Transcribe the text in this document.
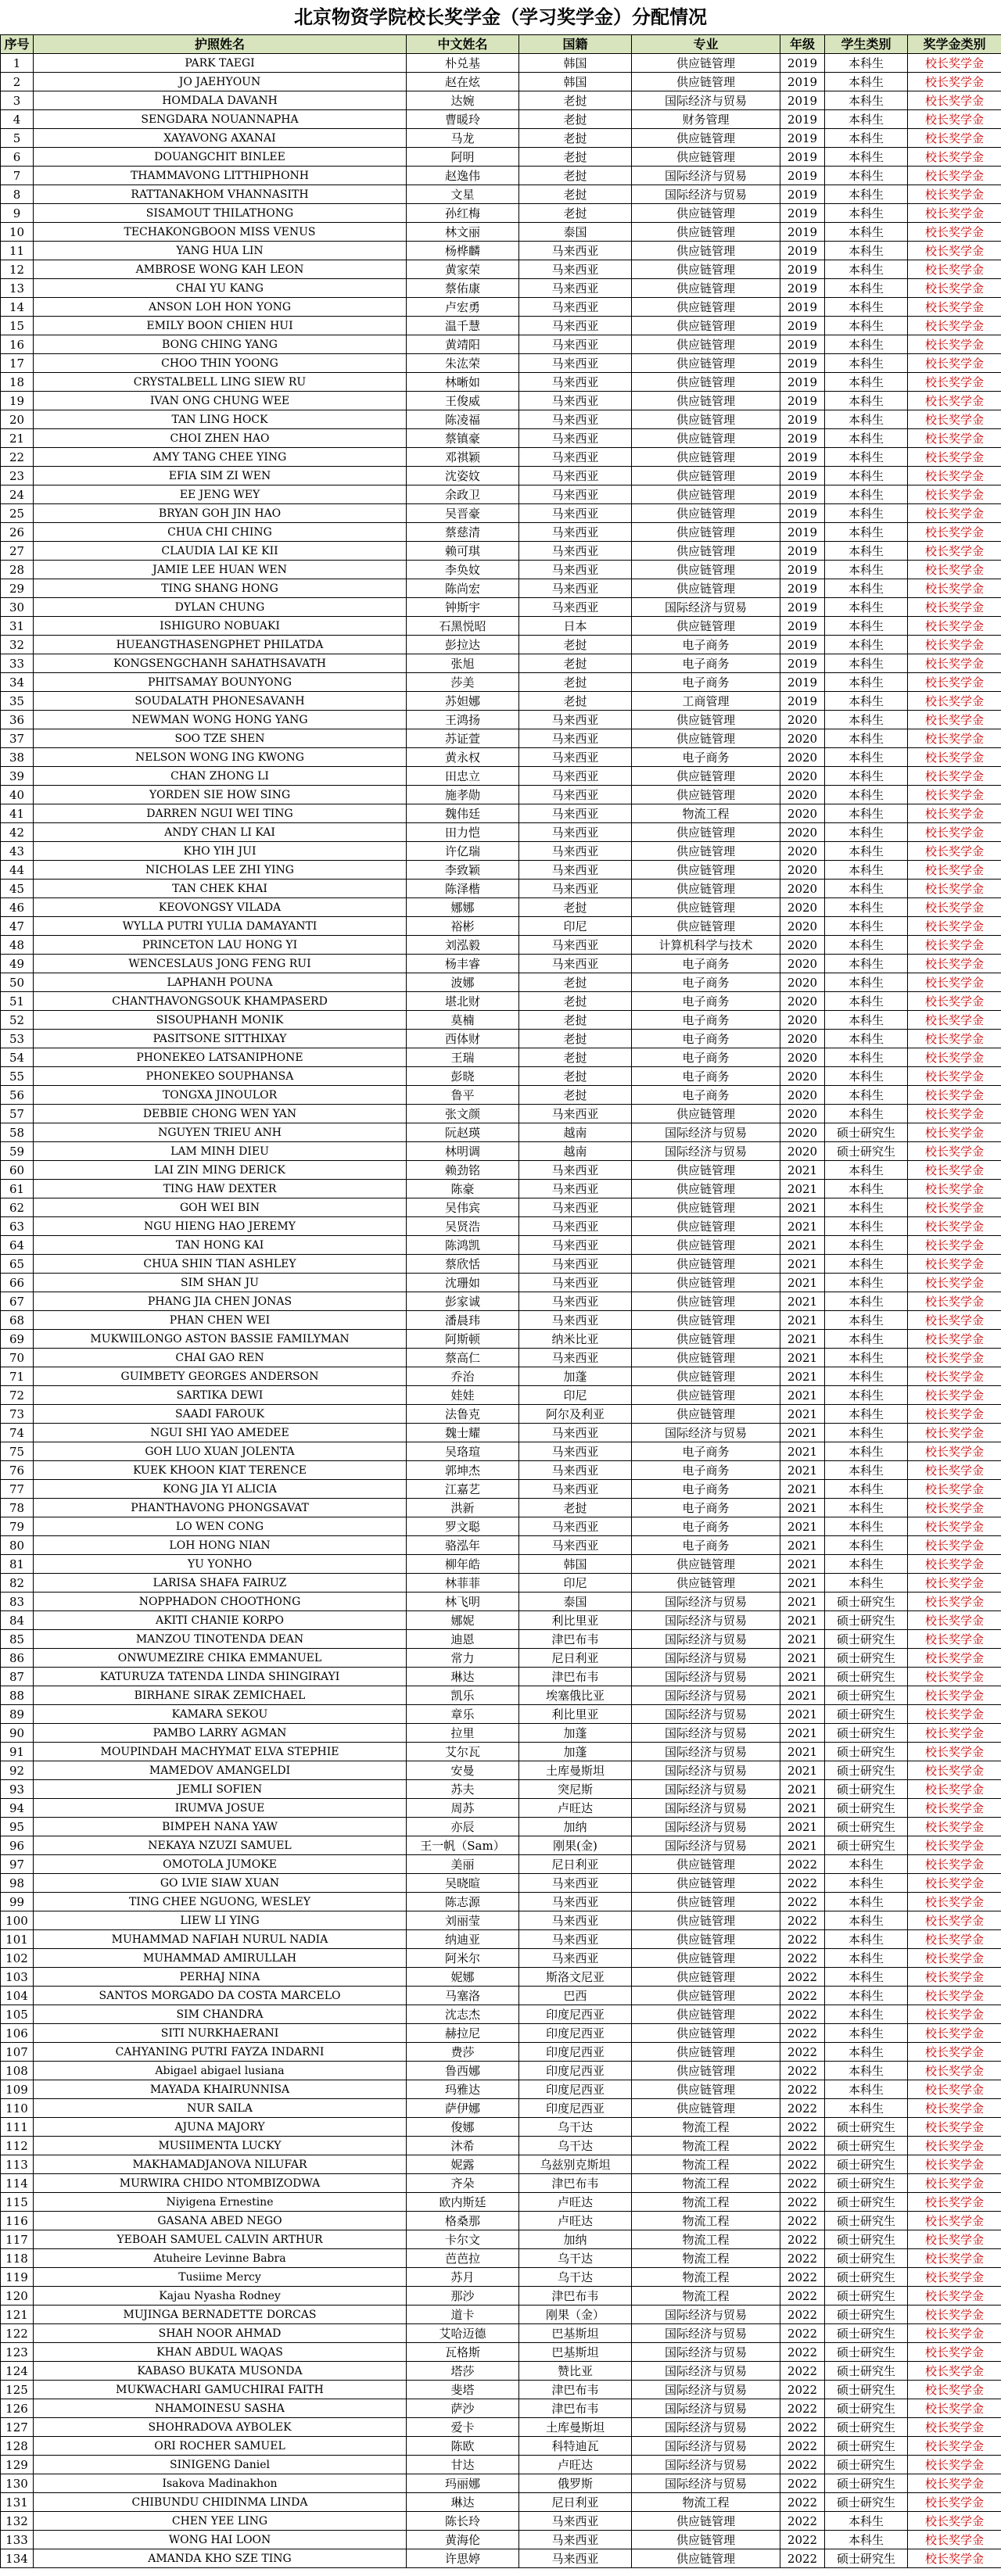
北京物资学院校长奖学金（学习奖学金）分配情况
序号	护照姓名	中文姓名	国籍	专业	年级	学生类别	奖学金类别
1	PARK TAEGI	朴兑基	韩国	供应链管理	2019	本科生	校长奖学金
2	JO JAEHYOUN	赵在炫	韩国	供应链管理	2019	本科生	校长奖学金
3	HOMDALA DAVANH	达婉	老挝	国际经济与贸易	2019	本科生	校长奖学金
4	SENGDARA NOUANNAPHA	曹暖玲	老挝	财务管理	2019	本科生	校长奖学金
5	XAYAVONG AXANAI	马龙	老挝	供应链管理	2019	本科生	校长奖学金
6	DOUANGCHIT BINLEE	阿明	老挝	供应链管理	2019	本科生	校长奖学金
7	THAMMAVONG LITTHIPHONH	赵逸伟	老挝	国际经济与贸易	2019	本科生	校长奖学金
8	RATTANAKHOM VHANNASITH	文星	老挝	国际经济与贸易	2019	本科生	校长奖学金
9	SISAMOUT THILATHONG	孙红梅	老挝	供应链管理	2019	本科生	校长奖学金
10	TECHAKONGBOON MISS VENUS	林文丽	泰国	供应链管理	2019	本科生	校长奖学金
11	YANG HUA LIN	杨桦麟	马来西亚	供应链管理	2019	本科生	校长奖学金
12	AMBROSE WONG KAH LEON	黄家荣	马来西亚	供应链管理	2019	本科生	校长奖学金
13	CHAI YU KANG	蔡佑康	马来西亚	供应链管理	2019	本科生	校长奖学金
14	ANSON LOH HON YONG	卢宏勇	马来西亚	供应链管理	2019	本科生	校长奖学金
15	EMILY BOON CHIEN HUI	温千慧	马来西亚	供应链管理	2019	本科生	校长奖学金
16	BONG CHING YANG	黄靖阳	马来西亚	供应链管理	2019	本科生	校长奖学金
17	CHOO THIN YOONG	朱汯荣	马来西亚	供应链管理	2019	本科生	校长奖学金
18	CRYSTALBELL LING SIEW RU	林晰如	马来西亚	供应链管理	2019	本科生	校长奖学金
19	IVAN ONG CHUNG WEE	王俊威	马来西亚	供应链管理	2019	本科生	校长奖学金
20	TAN LING HOCK	陈凌福	马来西亚	供应链管理	2019	本科生	校长奖学金
21	CHOI ZHEN HAO	蔡镇豪	马来西亚	供应链管理	2019	本科生	校长奖学金
22	AMY TANG CHEE YING	邓祺颖	马来西亚	供应链管理	2019	本科生	校长奖学金
23	EFIA SIM ZI WEN	沈姿妏	马来西亚	供应链管理	2019	本科生	校长奖学金
24	EE JENG WEY	余政卫	马来西亚	供应链管理	2019	本科生	校长奖学金
25	BRYAN GOH JIN HAO	吴晋豪	马来西亚	供应链管理	2019	本科生	校长奖学金
26	CHUA CHI CHING	蔡慈清	马来西亚	供应链管理	2019	本科生	校长奖学金
27	CLAUDIA LAI KE KII	赖可琪	马来西亚	供应链管理	2019	本科生	校长奖学金
28	JAMIE LEE HUAN WEN	李奂妏	马来西亚	供应链管理	2019	本科生	校长奖学金
29	TING SHANG HONG	陈尚宏	马来西亚	供应链管理	2019	本科生	校长奖学金
30	DYLAN CHUNG	钟斯宇	马来西亚	国际经济与贸易	2019	本科生	校长奖学金
31	ISHIGURO NOBUAKI	石黑悦昭	日本	供应链管理	2019	本科生	校长奖学金
32	HUEANGTHASENGPHET PHILATDA	彭拉达	老挝	电子商务	2019	本科生	校长奖学金
33	KONGSENGCHANH SAHATHSAVATH	张旭	老挝	电子商务	2019	本科生	校长奖学金
34	PHITSAMAY BOUNYONG	莎美	老挝	电子商务	2019	本科生	校长奖学金
35	SOUDALATH PHONESAVANH	苏妲娜	老挝	工商管理	2019	本科生	校长奖学金
36	NEWMAN WONG HONG YANG	王鸿扬	马来西亚	供应链管理	2020	本科生	校长奖学金
37	SOO TZE SHEN	苏证萱	马来西亚	供应链管理	2020	本科生	校长奖学金
38	NELSON WONG ING KWONG	黄永权	马来西亚	电子商务	2020	本科生	校长奖学金
39	CHAN ZHONG LI	田忠立	马来西亚	供应链管理	2020	本科生	校长奖学金
40	YORDEN SIE HOW SING	施孝勋	马来西亚	供应链管理	2020	本科生	校长奖学金
41	DARREN NGUI WEI TING	魏伟廷	马来西亚	物流工程	2020	本科生	校长奖学金
42	ANDY CHAN LI KAI	田力恺	马来西亚	供应链管理	2020	本科生	校长奖学金
43	KHO YIH JUI	许亿瑞	马来西亚	供应链管理	2020	本科生	校长奖学金
44	NICHOLAS LEE ZHI YING	李致颖	马来西亚	供应链管理	2020	本科生	校长奖学金
45	TAN CHEK KHAI	陈泽楷	马来西亚	供应链管理	2020	本科生	校长奖学金
46	KEOVONGSY VILADA	娜娜	老挝	供应链管理	2020	本科生	校长奖学金
47	WYLLA PUTRI YULIA DAMAYANTI	裕彬	印尼	供应链管理	2020	本科生	校长奖学金
48	PRINCETON LAU HONG YI	刘泓毅	马来西亚	计算机科学与技术	2020	本科生	校长奖学金
49	WENCESLAUS JONG FENG RUI	杨丰睿	马来西亚	电子商务	2020	本科生	校长奖学金
50	LAPHANH POUNA	波娜	老挝	电子商务	2020	本科生	校长奖学金
51	CHANTHAVONGSOUK KHAMPASERD	堪北财	老挝	电子商务	2020	本科生	校长奖学金
52	SISOUPHANH MONIK	莫楠	老挝	电子商务	2020	本科生	校长奖学金
53	PASITSONE SITTHIXAY	西体财	老挝	电子商务	2020	本科生	校长奖学金
54	PHONEKEO LATSANIPHONE	王瑞	老挝	电子商务	2020	本科生	校长奖学金
55	PHONEKEO SOUPHANSA	彭晓	老挝	电子商务	2020	本科生	校长奖学金
56	TONGXA JINOULOR	鲁平	老挝	电子商务	2020	本科生	校长奖学金
57	DEBBIE CHONG WEN YAN	张文颜	马来西亚	供应链管理	2020	本科生	校长奖学金
58	NGUYEN TRIEU ANH	阮赵瑛	越南	国际经济与贸易	2020	硕士研究生	校长奖学金
59	LAM MINH DIEU	林明调	越南	国际经济与贸易	2020	硕士研究生	校长奖学金
60	LAI ZIN MING DERICK	赖劲铭	马来西亚	供应链管理	2021	本科生	校长奖学金
61	TING HAW DEXTER	陈豪	马来西亚	供应链管理	2021	本科生	校长奖学金
62	GOH WEI BIN	吴伟宾	马来西亚	供应链管理	2021	本科生	校长奖学金
63	NGU HIENG HAO JEREMY	吴贤浩	马来西亚	供应链管理	2021	本科生	校长奖学金
64	TAN HONG KAI	陈鸿凯	马来西亚	供应链管理	2021	本科生	校长奖学金
65	CHUA SHIN TIAN ASHLEY	蔡欣恬	马来西亚	供应链管理	2021	本科生	校长奖学金
66	SIM SHAN JU	沈珊如	马来西亚	供应链管理	2021	本科生	校长奖学金
67	PHANG JIA CHEN JONAS	彭家诚	马来西亚	供应链管理	2021	本科生	校长奖学金
68	PHAN CHEN WEI	潘晨玮	马来西亚	供应链管理	2021	本科生	校长奖学金
69	MUKWIILONGO ASTON BASSIE FAMILYMAN	阿斯顿	纳米比亚	供应链管理	2021	本科生	校长奖学金
70	CHAI GAO REN	蔡高仁	马来西亚	供应链管理	2021	本科生	校长奖学金
71	GUIMBETY GEORGES ANDERSON	乔治	加蓬	供应链管理	2021	本科生	校长奖学金
72	SARTIKA DEWI	娃娃	印尼	供应链管理	2021	本科生	校长奖学金
73	SAADI FAROUK	法鲁克	阿尔及利亚	供应链管理	2021	本科生	校长奖学金
74	NGUI SHI YAO AMEDEE	魏士耀	马来西亚	国际经济与贸易	2021	本科生	校长奖学金
75	GOH LUO XUAN JOLENTA	吴珞瑄	马来西亚	电子商务	2021	本科生	校长奖学金
76	KUEK KHOON KIAT TERENCE	郭坤杰	马来西亚	电子商务	2021	本科生	校长奖学金
77	KONG JIA YI ALICIA	江嘉艺	马来西亚	电子商务	2021	本科生	校长奖学金
78	PHANTHAVONG PHONGSAVAT	洪新	老挝	电子商务	2021	本科生	校长奖学金
79	LO WEN CONG	罗文聪	马来西亚	电子商务	2021	本科生	校长奖学金
80	LOH HONG NIAN	骆泓年	马来西亚	电子商务	2021	本科生	校长奖学金
81	YU YONHO	柳年皓	韩国	供应链管理	2021	本科生	校长奖学金
82	LARISA SHAFA FAIRUZ	林菲菲	印尼	供应链管理	2021	本科生	校长奖学金
83	NOPPHADON CHOOTHONG	林飞明	泰国	国际经济与贸易	2021	硕士研究生	校长奖学金
84	AKITI CHANIE KORPO	娜妮	利比里亚	国际经济与贸易	2021	硕士研究生	校长奖学金
85	MANZOU TINOTENDA DEAN	迪恩	津巴布韦	国际经济与贸易	2021	硕士研究生	校长奖学金
86	ONWUMEZIRE CHIKA EMMANUEL	常力	尼日利亚	国际经济与贸易	2021	硕士研究生	校长奖学金
87	KATURUZA TATENDA LINDA SHINGIRAYI	琳达	津巴布韦	国际经济与贸易	2021	硕士研究生	校长奖学金
88	BIRHANE SIRAK ZEMICHAEL	凯乐	埃塞俄比亚	国际经济与贸易	2021	硕士研究生	校长奖学金
89	KAMARA SEKOU	章乐	利比里亚	国际经济与贸易	2021	硕士研究生	校长奖学金
90	PAMBO LARRY AGMAN	拉里	加蓬	国际经济与贸易	2021	硕士研究生	校长奖学金
91	MOUPINDAH MACHYMAT ELVA STEPHIE	艾尔瓦	加蓬	国际经济与贸易	2021	硕士研究生	校长奖学金
92	MAMEDOV AMANGELDI	安曼	土库曼斯坦	国际经济与贸易	2021	硕士研究生	校长奖学金
93	JEMLI SOFIEN	苏夫	突尼斯	国际经济与贸易	2021	硕士研究生	校长奖学金
94	IRUMVA JOSUE	周苏	卢旺达	国际经济与贸易	2021	硕士研究生	校长奖学金
95	BIMPEH NANA YAW	亦辰	加纳	国际经济与贸易	2021	硕士研究生	校长奖学金
96	NEKAYA NZUZI SAMUEL	王一帆（Sam）	刚果(金)	国际经济与贸易	2021	硕士研究生	校长奖学金
97	OMOTOLA JUMOKE	美丽	尼日利亚	供应链管理	2022	本科生	校长奖学金
98	GO LVIE SIAW XUAN	吴晓暄	马来西亚	供应链管理	2022	本科生	校长奖学金
99	TING CHEE NGUONG, WESLEY	陈志源	马来西亚	供应链管理	2022	本科生	校长奖学金
100	LIEW LI YING	刘丽莹	马来西亚	供应链管理	2022	本科生	校长奖学金
101	MUHAMMAD NAFIAH NURUL NADIA	纳迪亚	马来西亚	供应链管理	2022	本科生	校长奖学金
102	MUHAMMAD AMIRULLAH	阿米尔	马来西亚	供应链管理	2022	本科生	校长奖学金
103	PERHAJ NINA	妮娜	斯洛文尼亚	供应链管理	2022	本科生	校长奖学金
104	SANTOS MORGADO DA COSTA MARCELO	马塞洛	巴西	供应链管理	2022	本科生	校长奖学金
105	SIM CHANDRA	沈志杰	印度尼西亚	供应链管理	2022	本科生	校长奖学金
106	SITI NURKHAERANI	赫拉尼	印度尼西亚	供应链管理	2022	本科生	校长奖学金
107	CAHYANING PUTRI FAYZA INDARNI	费莎	印度尼西亚	供应链管理	2022	本科生	校长奖学金
108	Abigael abigael lusiana	鲁西娜	印度尼西亚	供应链管理	2022	本科生	校长奖学金
109	MAYADA KHAIRUNNISA	玛雅达	印度尼西亚	供应链管理	2022	本科生	校长奖学金
110	NUR SAILA	萨伊娜	印度尼西亚	供应链管理	2022	本科生	校长奖学金
111	AJUNA MAJORY	俊娜	乌干达	物流工程	2022	硕士研究生	校长奖学金
112	MUSIIMENTA LUCKY	沐希	乌干达	物流工程	2022	硕士研究生	校长奖学金
113	MAKHAMADJANOVA NILUFAR	妮露	乌兹别克斯坦	物流工程	2022	硕士研究生	校长奖学金
114	MURWIRA CHIDO NTOMBIZODWA	齐朵	津巴布韦	物流工程	2022	硕士研究生	校长奖学金
115	Niyigena Ernestine	欧内斯廷	卢旺达	物流工程	2022	硕士研究生	校长奖学金
116	GASANA ABED NEGO	格桑那	卢旺达	物流工程	2022	硕士研究生	校长奖学金
117	YEBOAH SAMUEL CALVIN ARTHUR	卡尔文	加纳	物流工程	2022	硕士研究生	校长奖学金
118	Atuheire Levinne Babra	芭芭拉	乌干达	物流工程	2022	硕士研究生	校长奖学金
119	Tusiime Mercy	苏月	乌干达	物流工程	2022	硕士研究生	校长奖学金
120	Kajau Nyasha Rodney	那沙	津巴布韦	物流工程	2022	硕士研究生	校长奖学金
121	MUJINGA BERNADETTE DORCAS	道卡	刚果（金）	国际经济与贸易	2022	硕士研究生	校长奖学金
122	SHAH NOOR AHMAD	艾哈迈德	巴基斯坦	国际经济与贸易	2022	硕士研究生	校长奖学金
123	KHAN ABDUL WAQAS	瓦格斯	巴基斯坦	国际经济与贸易	2022	硕士研究生	校长奖学金
124	KABASO BUKATA MUSONDA	塔莎	赞比亚	国际经济与贸易	2022	硕士研究生	校长奖学金
125	MUKWACHARI GAMUCHIRAI FAITH	斐塔	津巴布韦	国际经济与贸易	2022	硕士研究生	校长奖学金
126	NHAMOINESU SASHA	萨沙	津巴布韦	国际经济与贸易	2022	硕士研究生	校长奖学金
127	SHOHRADOVA AYBOLEK	爱卡	土库曼斯坦	国际经济与贸易	2022	硕士研究生	校长奖学金
128	ORI ROCHER SAMUEL	陈欧	科特迪瓦	国际经济与贸易	2022	硕士研究生	校长奖学金
129	SINIGENG Daniel	甘达	卢旺达	国际经济与贸易	2022	硕士研究生	校长奖学金
130	Isakova Madinakhon	玛丽娜	俄罗斯	国际经济与贸易	2022	硕士研究生	校长奖学金
131	CHIBUNDU CHIDINMA LINDA	琳达	尼日利亚	物流工程	2022	硕士研究生	校长奖学金
132	CHEN YEE LING	陈长玲	马来西亚	供应链管理	2022	本科生	校长奖学金
133	WONG HAI LOON	黄海伦	马来西亚	供应链管理	2022	本科生	校长奖学金
134	AMANDA KHO SZE TING	许思婷	马来西亚	供应链管理	2022	硕士研究生	校长奖学金
